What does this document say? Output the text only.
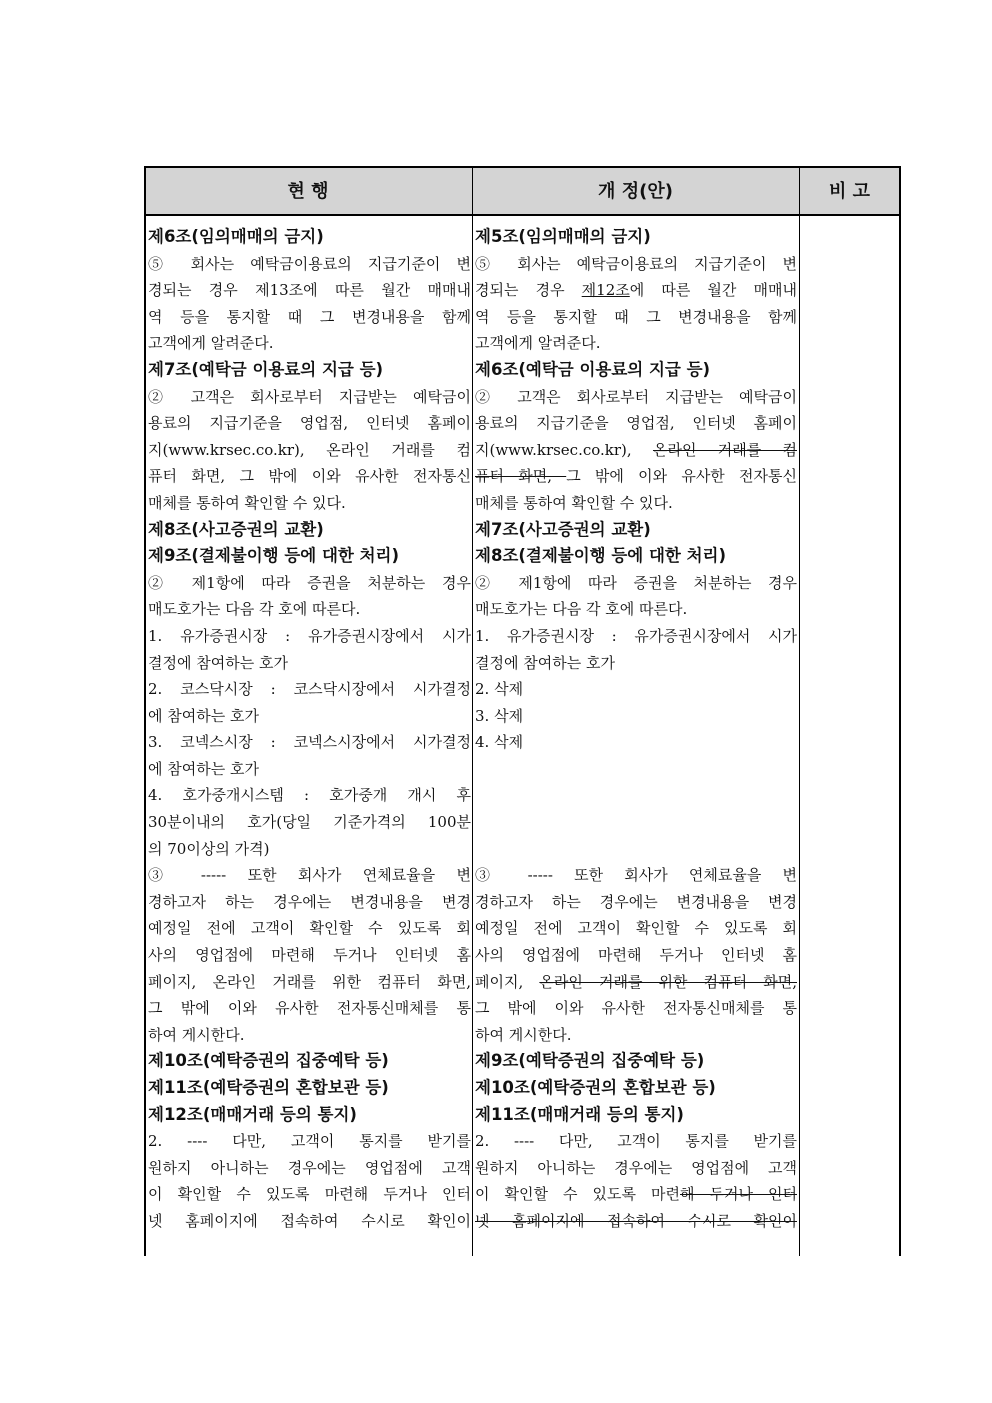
현 행	개 정(안)	비 고
제6조(임의매매의 금지)
⑤ 회사는 예탁금이용료의 지급기준이 변
경되는 경우 제13조에 따른 월간 매매내
역 등을 통지할 때 그 변경내용을 함께
고객에게 알려준다.
제7조(예탁금 이용료의 지급 등)
② 고객은 회사로부터 지급받는 예탁금이
용료의 지급기준을 영업점, 인터넷 홈페이
지(www.krsec.co.kr), 온라인 거래를 컴
퓨터 화면, 그 밖에 이와 유사한 전자통신
매체를 통하여 확인할 수 있다.
제8조(사고증권의 교환)
제9조(결제불이행 등에 대한 처리)
② 제1항에 따라 증권을 처분하는 경우
매도호가는 다음 각 호에 따른다.
1. 유가증권시장 : 유가증권시장에서 시가
결정에 참여하는 호가
2. 코스닥시장 : 코스닥시장에서 시가결정
에 참여하는 호가
3. 코넥스시장 : 코넥스시장에서 시가결정
에 참여하는 호가
4. 호가중개시스템 : 호가중개 개시 후
30분이내의 호가(당일 기준가격의 100분
의 70이상의 가격)
③ ----- 또한 회사가 연체료율을 변
경하고자 하는 경우에는 변경내용을 변경
예정일 전에 고객이 확인할 수 있도록 회
사의 영업점에 마련해 두거나 인터넷 홈
페이지, 온라인 거래를 위한 컴퓨터 화면,
그 밖에 이와 유사한 전자통신매체를 통
하여 게시한다.
제10조(예탁증권의 집중예탁 등)
제11조(예탁증권의 혼합보관 등)
제12조(매매거래 등의 통지)
2. ---- 다만, 고객이 통지를 받기를
원하지 아니하는 경우에는 영업점에 고객
이 확인할 수 있도록 마련해 두거나 인터
넷 홈페이지에 접속하여 수시로 확인이
제5조(임의매매의 금지)
⑤ 회사는 예탁금이용료의 지급기준이 변
경되는 경우 제12조에 따른 월간 매매내
역 등을 통지할 때 그 변경내용을 함께
고객에게 알려준다.
제6조(예탁금 이용료의 지급 등)
② 고객은 회사로부터 지급받는 예탁금이
용료의 지급기준을 영업점, 인터넷 홈페이
지(www.krsec.co.kr), 온라인 거래를 컴
퓨터 화면, 그 밖에 이와 유사한 전자통신
매체를 통하여 확인할 수 있다.
제7조(사고증권의 교환)
제8조(결제불이행 등에 대한 처리)
② 제1항에 따라 증권을 처분하는 경우
매도호가는 다음 각 호에 따른다.
1. 유가증권시장 : 유가증권시장에서 시가
결정에 참여하는 호가
2. 삭제
3. 삭제
4. 삭제
③ ----- 또한 회사가 연체료율을 변
경하고자 하는 경우에는 변경내용을 변경
예정일 전에 고객이 확인할 수 있도록 회
사의 영업점에 마련해 두거나 인터넷 홈
페이지, 온라인 거래를 위한 컴퓨터 화면,
그 밖에 이와 유사한 전자통신매체를 통
하여 게시한다.
제9조(예탁증권의 집중예탁 등)
제10조(예탁증권의 혼합보관 등)
제11조(매매거래 등의 통지)
2. ---- 다만, 고객이 통지를 받기를
원하지 아니하는 경우에는 영업점에 고객
이 확인할 수 있도록 마련해 두거나 인터
넷 홈페이지에 접속하여 수시로 확인이
